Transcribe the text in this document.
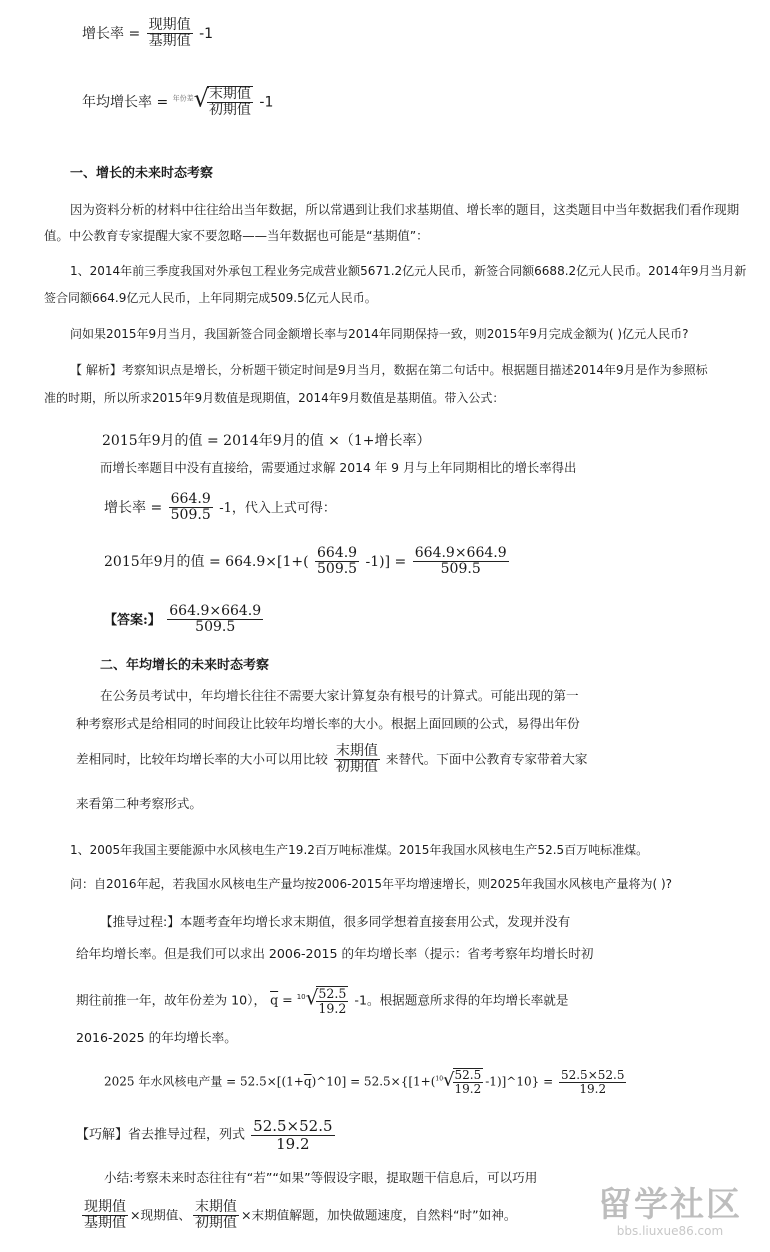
增长率 = $\frac{\text{现期值}}{\text{基期值}} -1$
年均增长率 = $^{年份差}$√
$\frac{\text{末期值}}{\text{初期值}} -1$
一、增长的未来时态考察
因为资料分析的材料中往往给出当年数据，所以常遇到让我们求基期值、增长率的题目，这类题目中当年数据我们看作现期
值。中公教育专家提醒大家不要忽略——当年数据也可能是“基期值”：
1、2014年前三季度我国对外承包工程业务完成营业额5671.2亿元人民币，新签合同额6688.2亿元人民币。2014年9月当月新
签合同额664.9亿元人民币，上年同期完成509.5亿元人民币。
问如果2015年9月当月，我国新签合同金额增长率与2014年同期保持一致，则2015年9月完成金额为( )亿元人民币?
【 解析】考察知识点是增长，分析题干锁定时间是9月当月，数据在第二句话中。根据题目描述2014年9月是作为参照标
准的时期，所以所求2015年9月数值是现期值，2014年9月数值是基期值。带入公式：
2015年9月的值 = 2014年9月的值 ×（1+增长率）
而增长率题目中没有直接给，需要通过求解 2014 年 9 月与上年同期相比的增长率得出
增长率 = $\frac{664.9}{509.5} -1$，代入上式可得：
2015年9月的值 = $664.9\times[1+( \frac{664.9}{509.5} -1)] = \frac{664.9\times 664.9}{509.5}$
【答案:】 $\frac{664.9\times 664.9}{509.5}$
二、年均增长的未来时态考察
在公务员考试中，年均增长往往不需要大家计算复杂有根号的计算式。可能出现的第一
种考察形式是给相同的时间段让比较年均增长率的大小。根据上面回顾的公式，易得出年份
差相同时，比较年均增长率的大小可以用比较 $\frac{\text{末期值}}{\text{初期值}}$ 来替代。下面中公教育专家带着大家
来看第二种考察形式。
1、2005年我国主要能源中水风核电生产19.2百万吨标准煤。2015年我国水风核电生产52.5百万吨标准煤。
问：自2016年起，若我国水风核电生产量均按2006-2015年平均增速增长，则2025年我国水风核电产量将为( )?
【推导过程:】本题考查年均增长求末期值，很多同学想着直接套用公式，发现并没有
给年均增长率。但是我们可以求出 2006-2015 的年均增长率（提示：省考考察年均增长时初
期往前推一年，故年份差为 10）， $\overline{q} = ^{10}√$
$\frac{52.5}{19.2} -1$。根据题意所求得的年均增长率就是
2016-2025 的年均增长率。
2025 年水风核电产量 = $52.5\times[(1+\overline{q})\^{}10] = 52.5\times\{[1+(^{10}√$
$\frac{52.5}{19.2}$ -1)]^10} = $\frac{52.5\times 52.5}{19.2}$
【巧解】省去推导过程，列式 $\frac{52.5\times 52.5}{19.2}$
小结:考察未来时态往往有“若”“如果”等假设字眼，提取题干信息后，可以巧用
$\frac{\text{现期值}}{\text{基期值}}$ ×现期值、 $\frac{\text{末期值}}{\text{初期值}}$ ×末期值解题，加快做题速度，自然料“时”如神。 留学社区
bbs.liuxue86.com
